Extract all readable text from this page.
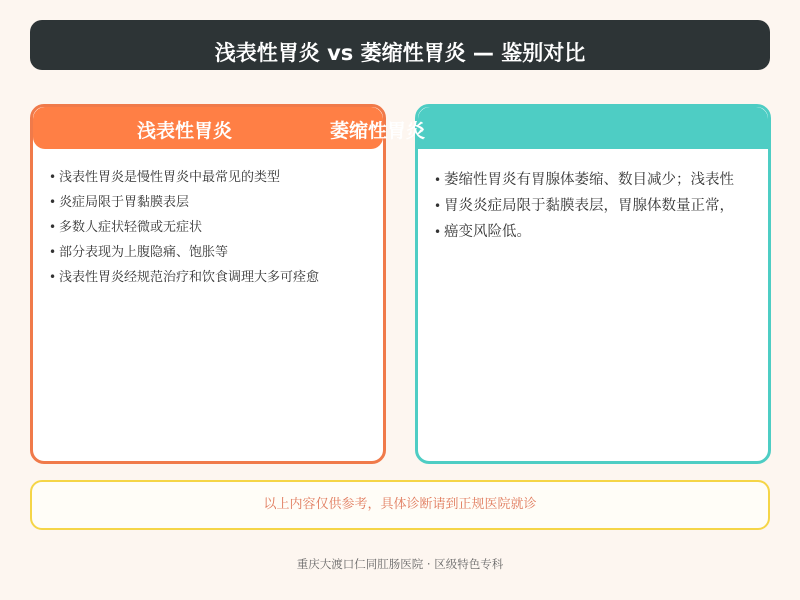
浅表性胃炎 vs 萎缩性胃炎 — 鉴别对比
• 浅表性胃炎是慢性胃炎中最常见的类型
• 炎症局限于胃黏膜表层
• 多数人症状轻微或无症状
• 部分表现为上腹隐痛、饱胀等
• 浅表性胃炎经规范治疗和饮食调理大多可痊愈
• 萎缩性胃炎有胃腺体萎缩、数目减少；浅表性
• 胃炎炎症局限于黏膜表层，胃腺体数量正常，
• 癌变风险低。
浅表性胃炎	萎缩性胃炎
以上内容仅供参考，具体诊断请到正规医院就诊
重庆大渡口仁同肛肠医院 · 区级特色专科
